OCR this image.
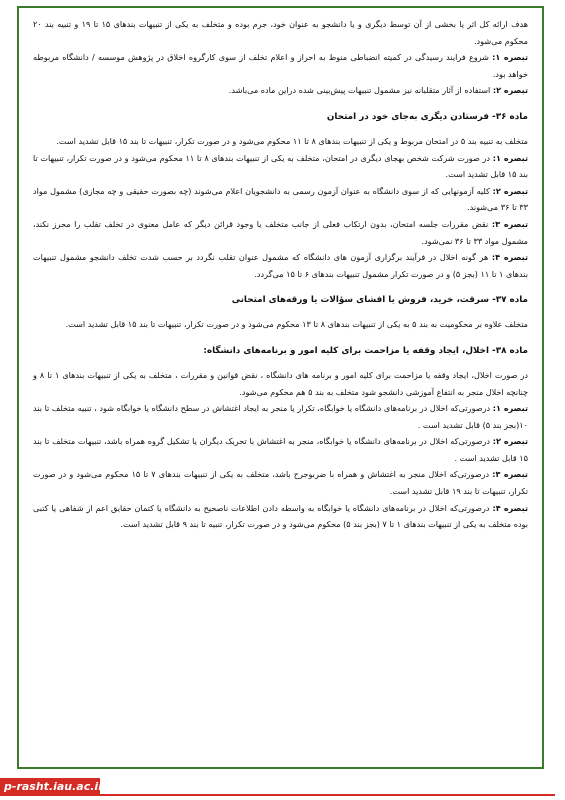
هدف ارائه کل اثر یا بخشی از آن توسط دیگری و یا دانشجو به عنوان خود، جرم بوده و متخلف به یکی از تنبیهات بندهای ۱۵ تا ۱۹ و تنبیه بند ۲۰ محکوم می‌شود.

تبصره ۱: شروع فرایند رسیدگی در کمیته انضباطی منوط به احراز و اعلام تخلف از سوی کارگروه اخلاق در پژوهش موسسه / دانشگاه مربوطه خواهد بود.

تبصره ۲: استفاده از آثار متقلبانه نیز مشمول تنبیهات پیش‌بینی شده دراین ماده می‌باشد.

ماده ۳۶- فرستادن دیگری به‌جای خود در امتحان

متخلف به تنبیه بند ۵ در امتحان مربوط و یکی از تنبیهات بندهای ۸ تا ۱۱ محکوم می‌شود و در صورت تکرار، تنبیهات تا بند ۱۵ قابل تشدید است.

تبصره ۱: در صورت شرکت شخص بهجای دیگری در امتحان، متخلف به یکی از تنبیهات بندهای ۸ تا ۱۱ محکوم می‌شود و در صورت تکرار، تنبیهات تا بند ۱۵ قابل تشدید است.

تبصره ۲: کلیه آزمونهایی که از سوی دانشگاه به عنوان آزمون رسمی به دانشجویان اعلام می‌شوند (چه بصورت حقیقی و چه مجازی) مشمول مواد ۳۳ تا ۳۶ می‌شوند.

تبصره ۳: نقض مقررات جلسه امتحان، بدون ارتکاب فعلی از جانب متخلف یا وجود قرائن دیگر که عامل معنوی در تخلف تقلب را محرز نکند، مشمول مواد ۳۳ تا ۳۶ نمی‌شود.

تبصره ۴: هر گونه اخلال در فرآیند برگزاری آزمون های دانشگاه که مشمول عنوان تقلب نگردد بر حسب شدت تخلف دانشجو مشمول تنبیهات بندهای ۱ تا ۱۱ (بجز ۵) و در صورت تکرار مشمول تنبیهات بندهای ۶ تا ۱۵ می‌گردد.

ماده ۳۷- سرقت، خرید، فروش یا افشای سؤالات یا ورقه‌های امتحانی

متخلف علاوه بر محکومیت به بند ۵ به یکی از تنبیهات بندهای ۸ تا ۱۳ محکوم می‌شود و در صورت تکرار، تنبیهات تا بند ۱۵ قابل تشدید است.

ماده ۳۸- اخلال، ایجاد وقفه یا مزاحمت برای کلیه امور و برنامه‌های دانشگاه:

در صورت اخلال، ایجاد وقفه یا مزاحمت برای کلیه امور و برنامه های دانشگاه ، نقض قوانین و مقررات ، متخلف به یکی از تنبیهات بندهای ۱ تا ۸ و چنانچه اخلال منجر به انتفاع آموزشی دانشجو شود متخلف به بند ۵ هم محکوم می‌شود.

تبصره ۱: درصورتی‌که اخلال در برنامه‌های دانشگاه یا خوابگاه، تکرار یا منجر به ایجاد اغتشاش در سطح دانشگاه یا خوابگاه شود ، تنبیه متخلف تا بند ۱۰(بجز بند ۵) قابل تشدید است .

تبصره ۲: درصورتی‌که اخلال در برنامه‌های دانشگاه یا خوابگاه، منجر به اغتشاش با تحریک دیگران یا تشکیل گروه همراه باشد، تنبیهات متخلف تا بند ۱۵ قابل تشدید است .

تبصره ۳: درصورتی‌که اخلال منجر به اغتشاش و همراه با ضربوجرح باشد، متخلف به یکی از تنبیهات بندهای ۷ تا ۱۵ محکوم می‌شود و در صورت تکرار، تنبیهات تا بند ۱۹ قابل تشدید است.

تبصره ۴: درصورتی‌که اخلال در برنامه‌های دانشگاه یا خوابگاه به واسطه دادن اطلاعات ناصحیح به دانشگاه یا کتمان حقایق اعم از شفاهی یا کتبی بوده متخلف به یکی از تنبیهات بندهای ۱ تا ۷ (بجز بند ۵) محکوم می‌شود و در صورت تکرار، تنبیه تا بند ۹ قابل تشدید است.

p-rasht.iau.ac.ir
